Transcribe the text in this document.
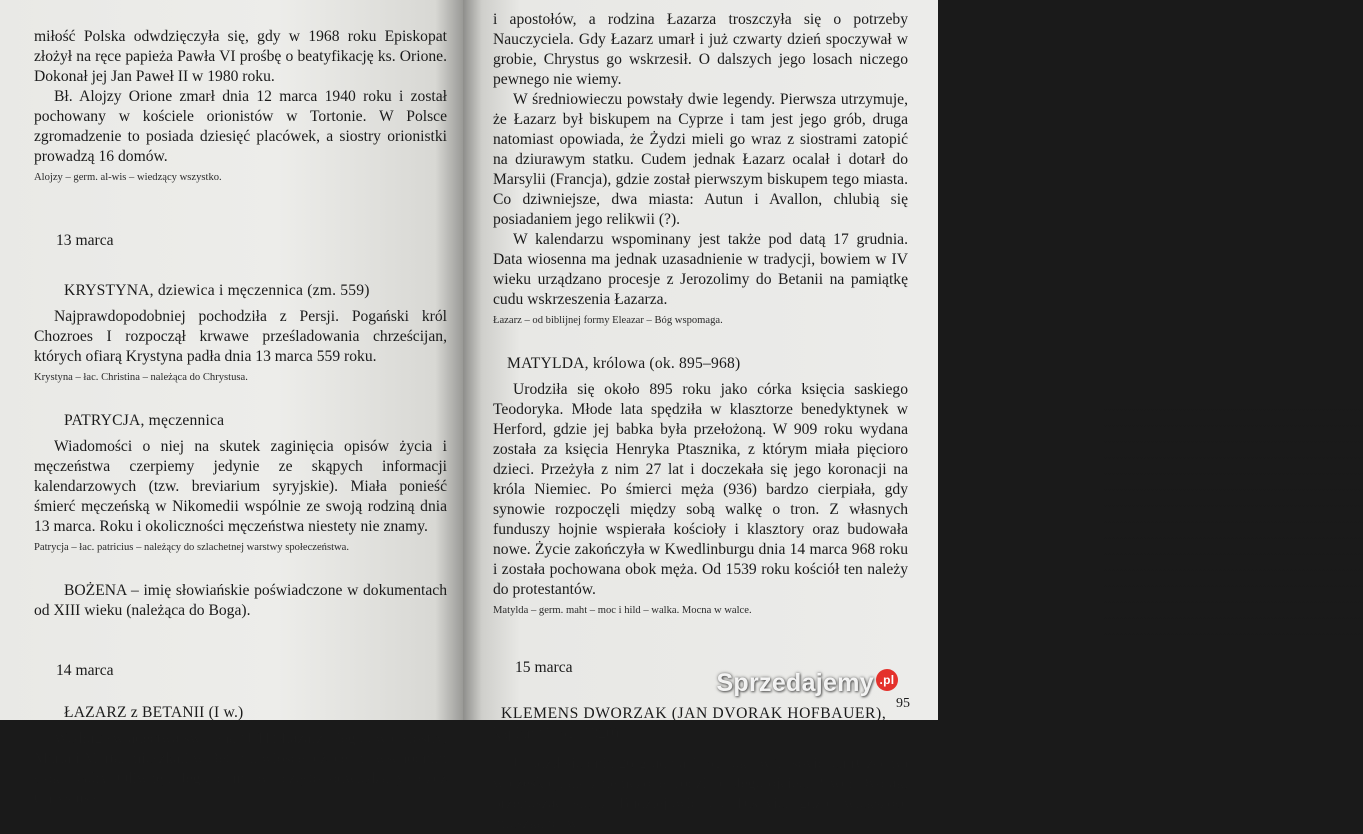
miłość Polska odwdzięczyła się, gdy w 1968 roku Episkopat złożył na ręce papieża Pawła VI prośbę o beatyfikację ks. Orione. Dokonał jej Jan Paweł II w 1980 roku.

Bł. Alojzy Orione zmarł dnia 12 marca 1940 roku i został pochowany w kościele orionistów w Tortonie. W Polsce zgromadzenie to posiada dziesięć placówek, a siostry orionistki prowadzą 16 domów.

Alojzy – germ. al-wis – wiedzący wszystko.

13 marca
KRYSTYNA, dziewica i męczennica (zm. 559)

Najprawdopodobniej pochodziła z Persji. Pogański król Chozroes I rozpoczął krwawe prześladowania chrześcijan, których ofiarą Krystyna padła dnia 13 marca 559 roku.

Krystyna – łac. Christina – należąca do Chrystusa.

PATRYCJA, męczennica

Wiadomości o niej na skutek zaginięcia opisów życia i męczeństwa czerpiemy jedynie ze skąpych informacji kalendarzowych (tzw. breviarium syryjskie). Miała ponieść śmierć męczeńską w Nikomedii wspólnie ze swoją rodziną dnia 13 marca. Roku i okoliczności męczeństwa niestety nie znamy.

Patrycja – łac. patricius – należący do szlachetnej warstwy społeczeństwa.

BOŻENA – imię słowiańskie poświadczone w dokumentach od XIII wieku (należąca do Boga).

14 marca
ŁAZARZ z BETANII (I w.)

Według świadectwa św. Jana (J 11) Łazarz i jego dwie siostry, Maria i Marta, mieszkali w Betanii, wiosce leżącej na wschodnim stoku Góry Oliwnej. Jego dom był często odwiedzany przez Chrystusa

i apostołów, a rodzina Łazarza troszczyła się o potrzeby Nauczyciela. Gdy Łazarz umarł i już czwarty dzień spoczywał w grobie, Chrystus go wskrzesił. O dalszych jego losach niczego pewnego nie wiemy.

W średniowieczu powstały dwie legendy. Pierwsza utrzymuje, że Łazarz był biskupem na Cyprze i tam jest jego grób, druga natomiast opowiada, że Żydzi mieli go wraz z siostrami zatopić na dziurawym statku. Cudem jednak Łazarz ocalał i dotarł do Marsylii (Francja), gdzie został pierwszym biskupem tego miasta. Co dziwniejsze, dwa miasta: Autun i Avallon, chlubią się posiadaniem jego relikwii (?).

W kalendarzu wspominany jest także pod datą 17 grudnia. Data wiosenna ma jednak uzasadnienie w tradycji, bowiem w IV wieku urządzano procesje z Jerozolimy do Betanii na pamiątkę cudu wskrzeszenia Łazarza.

Łazarz – od biblijnej formy Eleazar – Bóg wspomaga.

MATYLDA, królowa (ok. 895–968)

Urodziła się około 895 roku jako córka księcia saskiego Teodoryka. Młode lata spędziła w klasztorze benedyktynek w Herford, gdzie jej babka była przełożoną. W 909 roku wydana została za księcia Henryka Ptasznika, z którym miała pięcioro dzieci. Przeżyła z nim 27 lat i doczekała się jego koronacji na króla Niemiec. Po śmierci męża (936) bardzo cierpiała, gdy synowie rozpoczęli między sobą walkę o tron. Z własnych funduszy hojnie wspierała kościoły i klasztory oraz budowała nowe. Życie zakończyła w Kwedlinburgu dnia 14 marca 968 roku i została pochowana obok męża. Od 1539 roku kościół ten należy do protestantów.

Matylda – germ. maht – moc i hild – walka. Mocna w walce.

15 marca
KLEMENS DWORZAK (JAN DVORAK HOFBAUER),
kapłan (1751–1820)

Urodził się dnia 26 grudnia 1751 roku w Tusovicach (Czechy) w czeskiej, ale zniemczonej rodzinie. Jego ojciec, Paweł Dvorak, przenosząc się z Budziejowic do Tusovic, gdzie większość mieszkańców

95
Sprzedajemy .pl
